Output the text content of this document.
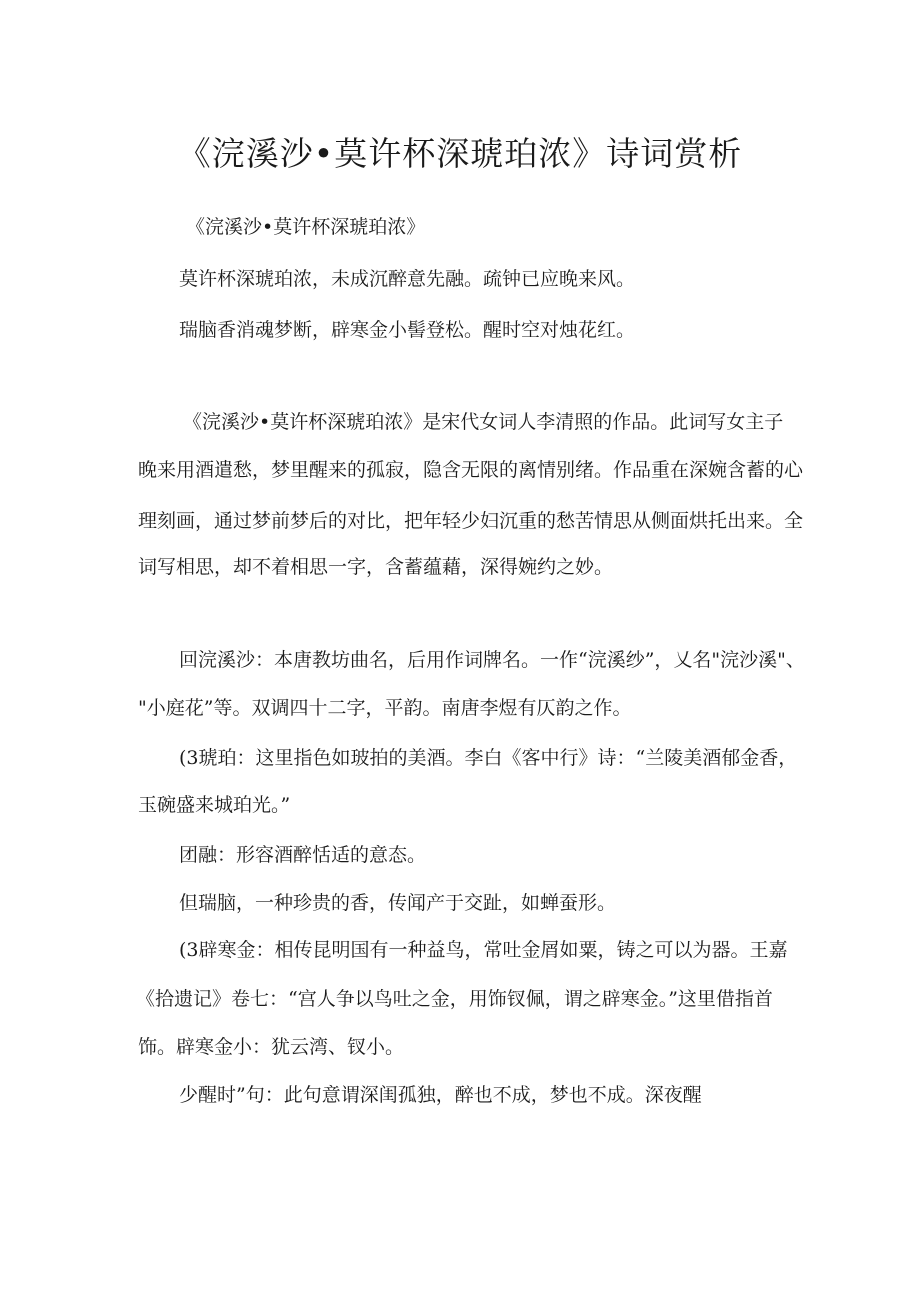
《浣溪沙•莫许杯深琥珀浓》诗词赏析

《浣溪沙•莫许杯深琥珀浓》

莫许杯深琥珀浓，未成沉醉意先融。疏钟已应晚来风。

瑞脑香消魂梦断，辟寒金小髻登松。醒时空对烛花红。

《浣溪沙•莫许杯深琥珀浓》是宋代女词人李清照的作品。此词写女主子

晚来用酒遣愁，梦里醒来的孤寂，隐含无限的离情别绪。作品重在深婉含蓄的心

理刻画，通过梦前梦后的对比，把年轻少妇沉重的愁苦情思从侧面烘托出来。全

词写相思，却不着相思一字，含蓄蕴藉，深得婉约之妙。

回浣溪沙：本唐教坊曲名，后用作词牌名。一作“浣溪纱”，乂名"浣沙溪"、

"小庭花”等。双调四十二字，平韵。南唐李煜有仄韵之作。

(3琥珀：这里指色如玻拍的美酒。李白《客中行》诗：“兰陵美酒郁金香，

玉碗盛来城珀光。”

团融：形容酒醉恬适的意态。

但瑞脑，一种珍贵的香，传闻产于交趾，如蝉蚕形。

(3辟寒金：相传昆明国有一种益鸟，常吐金屑如粟，铸之可以为器。王嘉

《拾遗记》卷七：“宫人争以鸟吐之金，用饰钗佩，谓之辟寒金。”这里借指首

饰。辟寒金小：犹云湾、钗小。

少醒时”句：此句意谓深闺孤独，醉也不成，梦也不成。深夜醒
